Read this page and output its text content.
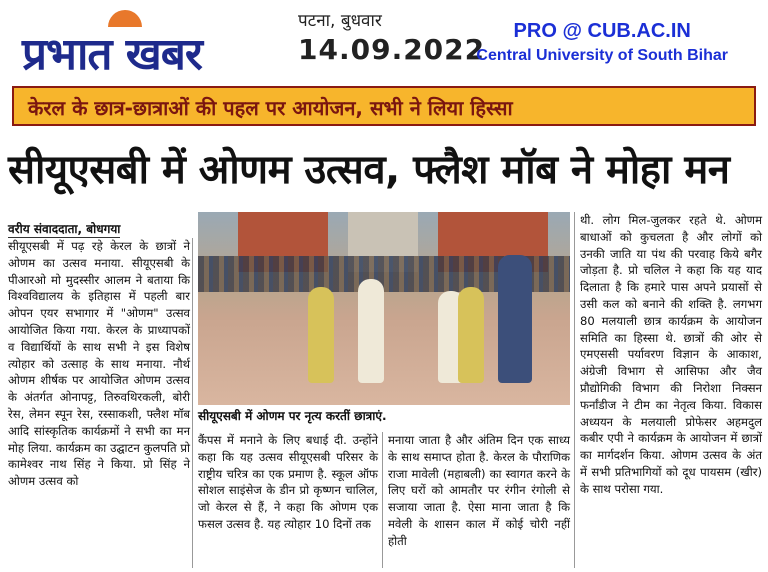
प्रभात खबर
पटना, बुधवार
14.09.2022
PRO @ CUB.AC.IN
Central University of South Bihar
केरल के छात्र-छात्राओं की पहल पर आयोजन, सभी ने लिया हिस्सा
सीयूएसबी में ओणम उत्सव, फ्लैश मॉब ने मोहा मन
वरीय संवाददाता, बोधगया
सीयूएसबी में पढ़ रहे केरल के छात्रों ने ओणम का उत्सव मनाया. सीयूएसबी के पीआरओ मो मुदस्सीर आलम ने बताया कि विश्वविद्यालय के इतिहास में पहली बार ओपन एयर सभागार में "ओणम" उत्सव आयोजित किया गया. केरल के प्राध्यापकों व विद्यार्थियों के साथ सभी ने इस विशेष त्योहार को उत्साह के साथ मनाया. नौर्थ ओणम शीर्षक पर आयोजित ओणम उत्सव के अंतर्गत ओनापट्ट, तिरुवथिरकली, बोरी रेस, लेमन स्पून रेस, रस्साकशी, फ्लैश मॉब आदि सांस्कृतिक कार्यक्रमों ने सभी का मन मोह लिया. कार्यक्रम का उद्घाटन कुलपति प्रो कामेश्वर नाथ सिंह ने किया. प्रो सिंह ने ओणम उत्सव को
सीयूएसबी में ओणम पर नृत्य करतीं छात्राएं.
कैंपस में मनाने के लिए बधाई दी. उन्होंने कहा कि यह उत्सव सीयूएसबी परिसर के राष्ट्रीय चरित्र का एक प्रमाण है. स्कूल ऑफ सोशल साइंसेज के डीन प्रो कृष्णन चालिल, जो केरल से हैं, ने कहा कि ओणम एक फसल उत्सव है. यह त्योहार 10 दिनों तक
मनाया जाता है और अंतिम दिन एक साध्य के साथ समाप्त होता है. केरल के पौराणिक राजा मावेली (महाबली) का स्वागत करने के लिए घरों को आमतौर पर रंगीन रंगोली से सजाया जाता है. ऐसा माना जाता है कि मवेली के शासन काल में कोई चोरी नहीं होती
थी. लोग मिल-जुलकर रहते थे. ओणम बाधाओं को कुचलता है और लोगों को उनकी जाति या पंथ की परवाह किये बगैर जोड़ता है. प्रो चलिल ने कहा कि यह याद दिलाता है कि हमारे पास अपने प्रयासों से उसी कल को बनाने की शक्ति है. लगभग 80 मलयाली छात्र कार्यक्रम के आयोजन समिति का हिस्सा थे. छात्रों की ओर से एमएससी पर्यावरण विज्ञान के आकाश, अंग्रेजी विभाग से आसिफा और जैव प्रौद्योगिकी विभाग की निरोशा निक्सन फर्नांडीज ने टीम का नेतृत्व किया. विकास अध्ययन के मलयाली प्रोफेसर अहमदुल कबीर एपी ने कार्यक्रम के आयोजन में छात्रों का मार्गदर्शन किया. ओणम उत्सव के अंत में सभी प्रतिभागियों को दूध पायसम (खीर) के साथ परोसा गया.
